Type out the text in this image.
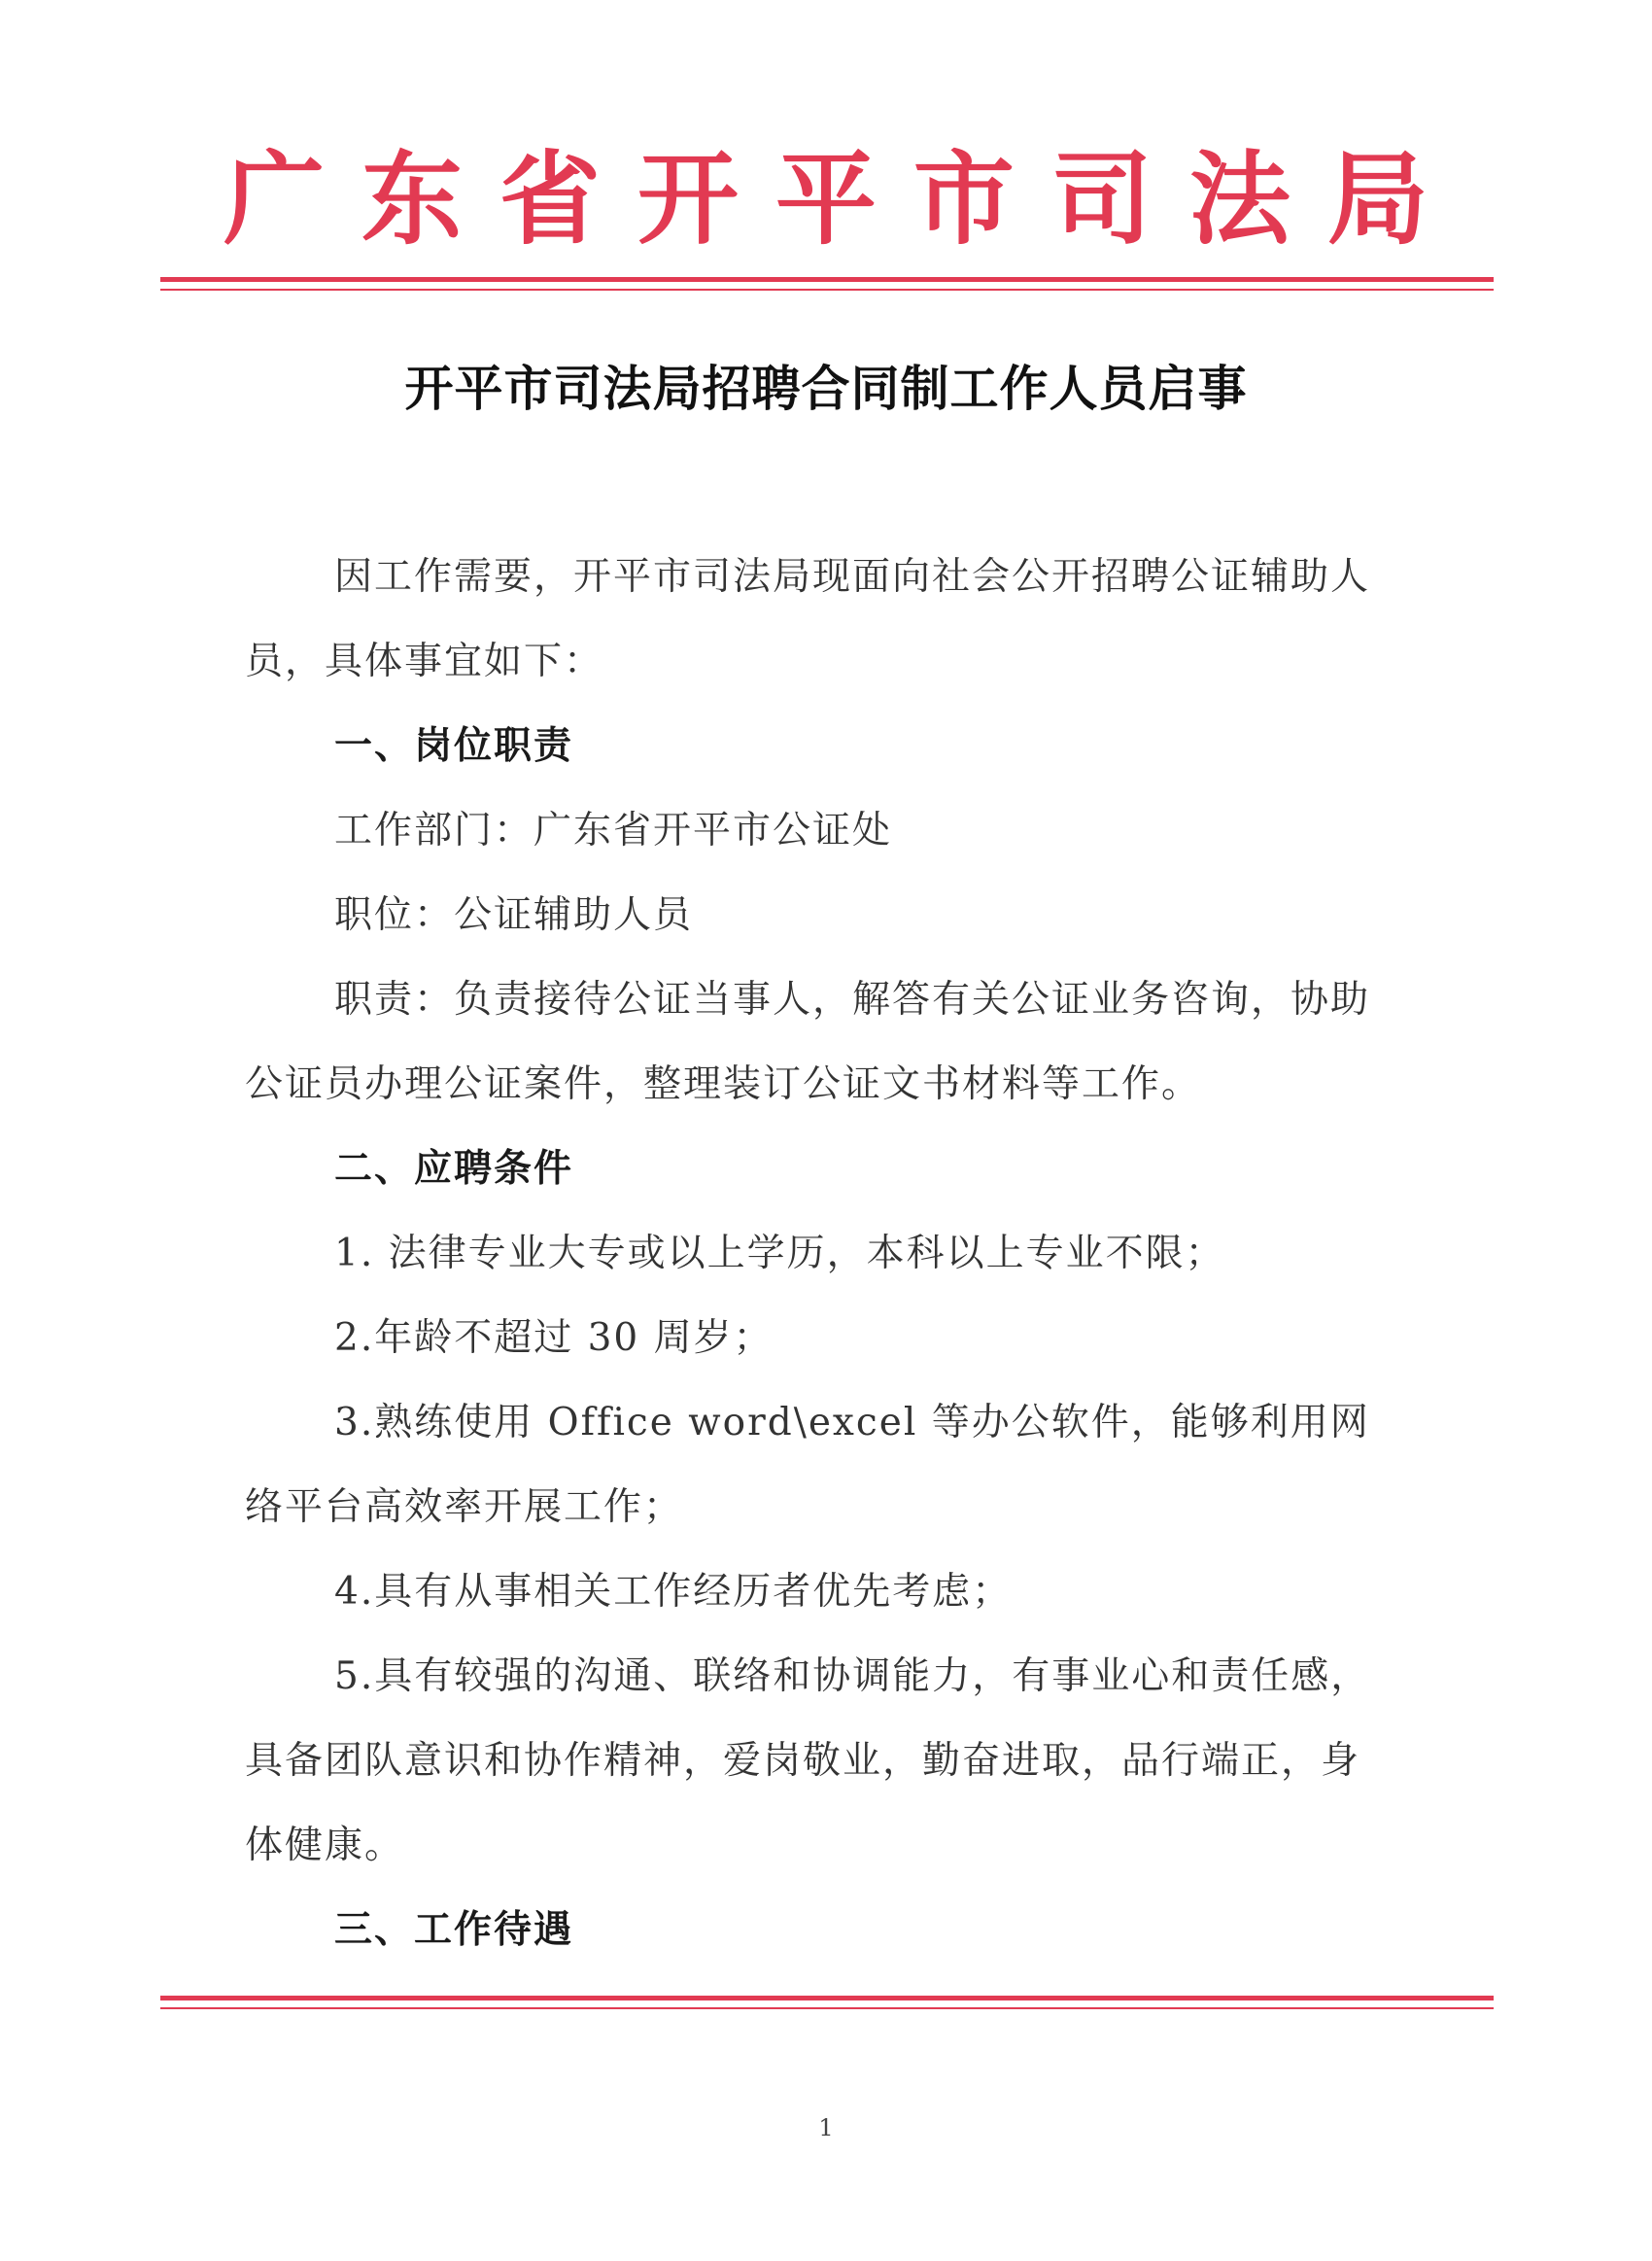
广 东 省 开 平 市 司 法 局
开平市司法局招聘合同制工作人员启事

因工作需要，开平市司法局现面向社会公开招聘公证辅助人员，具体事宜如下：

一、岗位职责

工作部门：广东省开平市公证处

职位：公证辅助人员

职责：负责接待公证当事人，解答有关公证业务咨询，协助公证员办理公证案件，整理装订公证文书材料等工作。

二、应聘条件

1. 法律专业大专或以上学历，本科以上专业不限；

2.年龄不超过 30 周岁；

3.熟练使用 Office word\excel 等办公软件，能够利用网络平台高效率开展工作；

4.具有从事相关工作经历者优先考虑；

5.具有较强的沟通、联络和协调能力，有事业心和责任感，具备团队意识和协作精神，爱岗敬业，勤奋进取，品行端正，身体健康。

三、工作待遇

1
